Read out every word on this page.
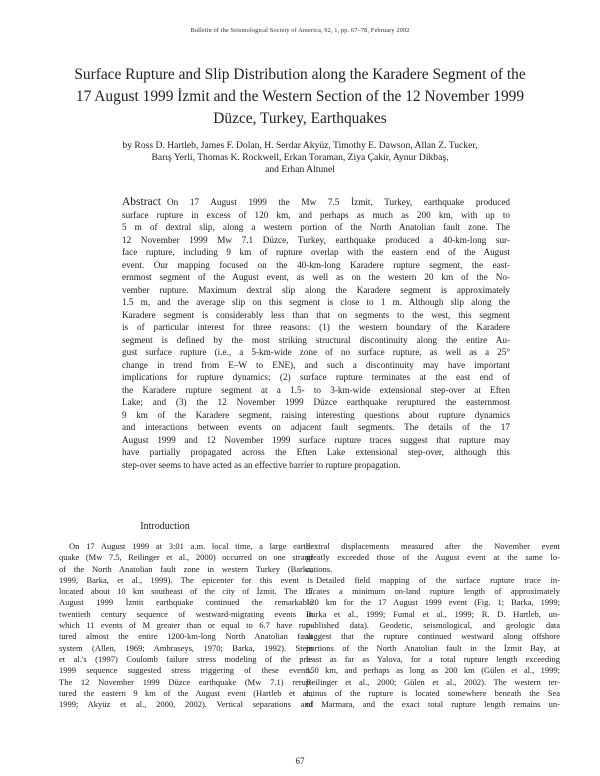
Bulletin of the Seismological Society of America, 92, 1, pp. 67–78, February 2002
Surface Rupture and Slip Distribution along the Karadere Segment of the
17 August 1999 İzmit and the Western Section of the 12 November 1999
Düzce, Turkey, Earthquakes
by Ross D. Hartleb, James F. Dolan, H. Serdar Akyüz, Timothy E. Dawson, Allan Z. Tucker,
Barış Yerli, Thomas K. Rockwell, Erkan Toraman, Ziya Çakir, Aynur Dikbaş,
and Erhan Altunel
Abstract On 17 August 1999 the Mw 7.5 İzmit, Turkey, earthquake produced
surface rupture in excess of 120 km, and perhaps as much as 200 km, with up to
5 m of dextral slip, along a western portion of the North Anatolian fault zone. The
12 November 1999 Mw 7.1 Düzce, Turkey, earthquake produced a 40-km-long sur-
face rupture, including 9 km of rupture overlap with the eastern end of the August
event. Our mapping focused on the 40-km-long Karadere rupture segment, the east-
ernmost segment of the August event, as well as on the western 20 km of the No-
vember rupture. Maximum dextral slip along the Karadere segment is approximately
1.5 m, and the average slip on this segment is close to 1 m. Although slip along the
Karadere segment is considerably less than that on segments to the west, this segment
is of particular interest for three reasons: (1) the western boundary of the Karadere
segment is defined by the most striking structural discontinuity along the entire Au-
gust surface rupture (i.e., a 5-km-wide zone of no surface rupture, as well as a 25°
change in trend from E–W to ENE), and such a discontinuity may have important
implications for rupture dynamics; (2) surface rupture terminates at the east end of
the Karadere rupture segment at a 1.5- to 3-km-wide extensional step-over at Eften
Lake; and (3) the 12 November 1999 Düzce earthquake reruptured the easternmost
9 km of the Karadere segment, raising interesting questions about rupture dynamics
and interactions between events on adjacent fault segments. The details of the 17
August 1999 and 12 November 1999 surface rupture traces suggest that rupture may
have partially propagated across the Eften Lake extensional step-over, although this
step-over seems to have acted as an effective barrier to rupture propagation.
Introduction
On 17 August 1999 at 3:01 a.m. local time, a large earth-
quake (Mw 7.5, Reilinger et al., 2000) occurred on one strand
of the North Anatolian fault zone in western Turkey (Barka,
1999, Barka, et al., 1999). The epicenter for this event is
located about 10 km southeast of the city of İzmit. The 17
August 1999 İzmit earthquake continued the remarkable
twentieth century sequence of westward-migrating events in
which 11 events of M greater than or equal to 6.7 have rup-
tured almost the entire 1200-km-long North Anatolian fault
system (Allen, 1969; Ambraseys, 1970; Barka, 1992). Stein
et al.'s (1997) Coulomb failure stress modeling of the pre-
1999 sequence suggested stress triggering of these events.
The 12 November 1999 Düzce earthquake (Mw 7.1) rerup-
tured the eastern 9 km of the August event (Hartleb et al.,
1999; Akyüz et al., 2000, 2002). Vertical separations and
dextral displacements measured after the November event
greatly exceeded those of the August event at the same lo-
cations.
Detailed field mapping of the surface rupture trace in-
dicates a minimum on-land rupture length of approximately
120 km for the 17 August 1999 event (Fig. 1; Barka, 1999;
Barka et al., 1999; Fumal et al., 1999; R. D. Hartleb, un-
published data). Geodetic, seismological, and geologic data
suggest that the rupture continued westward along offshore
portions of the North Anatolian fault in the İzmit Bay, at
least as far as Yalova, for a total rupture length exceeding
150 km, and perhaps as long as 200 km (Gülen et al., 1999;
Reilinger et al., 2000; Gülen et al., 2002). The western ter-
minus of the rupture is located somewhere beneath the Sea
of Marmara, and the exact total rupture length remains un-
67
